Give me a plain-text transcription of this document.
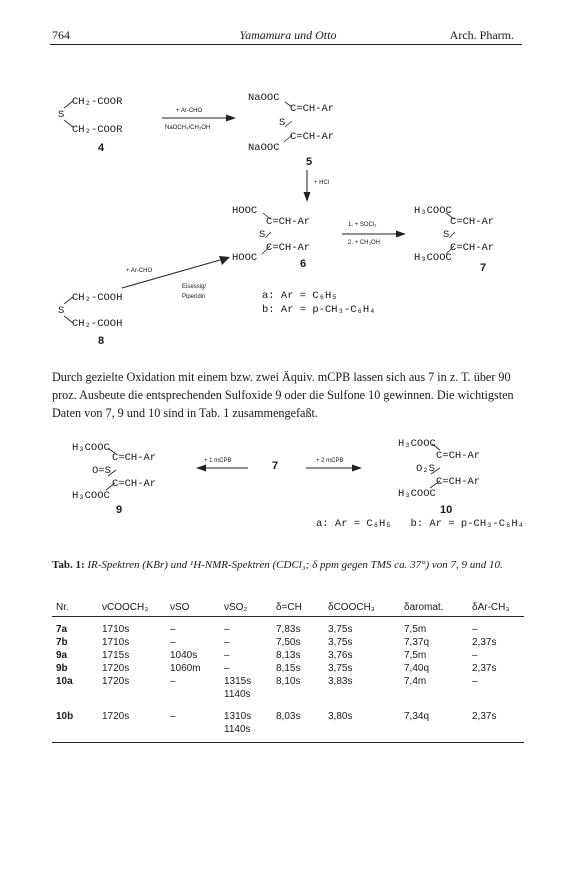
764	Yamamura und Otto	Arch. Pharm.
CH₂-COOR
S
CH₂-COOR
4
+ Ar-CHO
NaOCH₃/CH₃OH
NaOOC
C=CH-Ar
S
C=CH-Ar
NaOOC
5
+ HCl
HOOC
C=CH-Ar
S
C=CH-Ar
HOOC	6
1. + SOCl₂
2. + CH₃OH
H₃COOC
C=CH-Ar
S
C=CH-Ar
H₃COOC
7
+ Ar-CHO
Eisessig/
Piperidin
CH₂-COOH
S
CH₂-COOH
8
a: Ar = C₆H₅
b: Ar = p-CH₃-C₆H₄
Durch gezielte Oxidation mit einem bzw. zwei Äquiv. mCPB lassen sich aus 7 in z. T. über 90 proz. Ausbeute die entsprechenden Sulfoxide 9 oder die Sulfone 10 gewinnen. Die wichtigsten Daten von 7, 9 und 10 sind in Tab. 1 zusammengefaßt.
H₃COOC
C=CH-Ar
O=S
C=CH-Ar
H₃COOC
9
+ 1 mCPB	7	+ 2 mCPB
H₃COOC
C=CH-Ar
O₂S
C=CH-Ar
H₃COOC
10
a: Ar = C₆H₅   b: Ar = p-CH₃-C₆H₄
Tab. 1: IR-Spektren (KBr) und ¹H-NMR-Spektren (CDCl₃; δ ppm gegen TMS ca. 37°) von 7, 9 und 10.
Nr.	νCOOCH₃	νSO	νSO₂	δ=CH	δCOOCH₃	δaromat.	δAr-CH₃
7a	1710s	–	–	7,83s	3,75s	7,5m	–
7b	1710s	–	–	7,50s	3,75s	7,37q	2,37s
9a	1715s	1040s	–	8,13s	3,76s	7,5m	–
9b	1720s	1060m	–	8,15s	3,75s	7,40q	2,37s
10a	1720s	–	1315s	8,10s	3,83s	7,4m	–
			1140s				
10b	1720s	–	1310s	8,03s	3,80s	7,34q	2,37s
			1140s				
